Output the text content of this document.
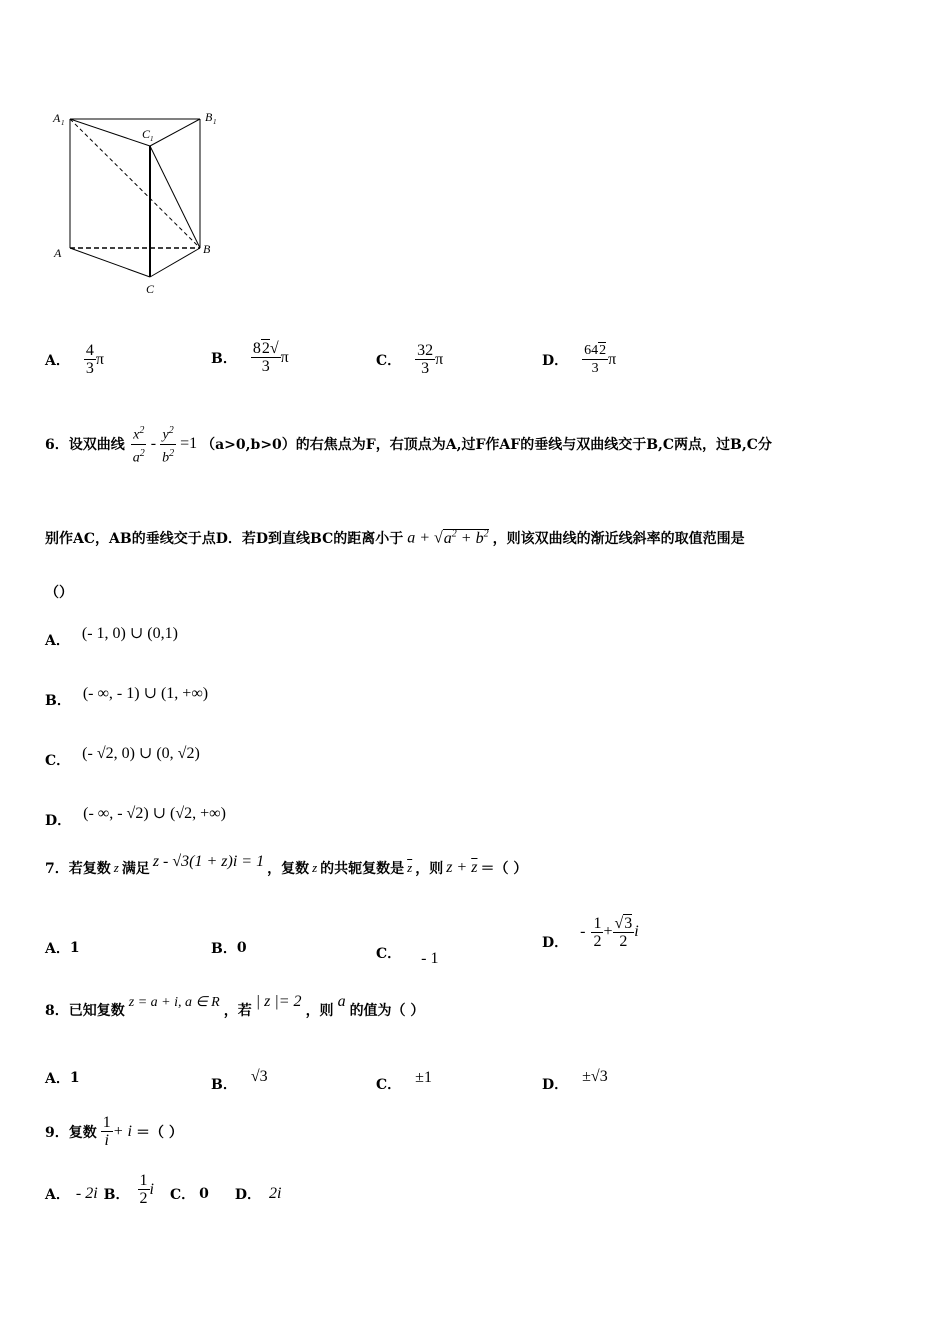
A 1	B 1
C 1
A	B
C
A． $\frac{4}{3}$ π	B． $\frac{82√}{3}$ π	C． $\frac{32}{3}$ π	D． $\frac{642}{3}$ π
6． 设双曲线 $\frac{x^2}{a^2} - \frac{y^2}{b^2} =1$ （a>0,b>0）的右焦点为F，右顶点为A,过F作AF的垂线与双曲线交于B,C两点，过B,C分
别作AC，AB的垂线交于点D．若D到直线BC的距离小于 $a + √a^2 + b^2$ ，则该双曲线的渐近线斜率的取值范围是
（）
A． (- 1, 0) ∪ (0,1)
B． (- ∞, - 1) ∪ (1, +∞)
C． (- √2, 0) ∪ (0, √2)
D． (- ∞, - √2) ∪ (√2, +∞)
7． 若复数 z 满足 z - √3(1 + z)i = 1 ，复数 z 的共轭复数是 $\overline{z}$ ，则 $z + \overline{z}$ ＝（ ）
A． 1	B． 0	C． - 1
D．
- $\frac{1}{2} + \frac{√3}{2}$ i
8． 已知复数
z = a + i, a ∈ R
，若
| z |= 2
，则
a
的值为（ ）
A． 1	B． √3	C． ±1	D． ±√3
9． 复数 $\frac{1}{i} + i$ ＝（ ）
A． - 2i B． $\frac{1}{2}$ i C． 0 D． 2i
